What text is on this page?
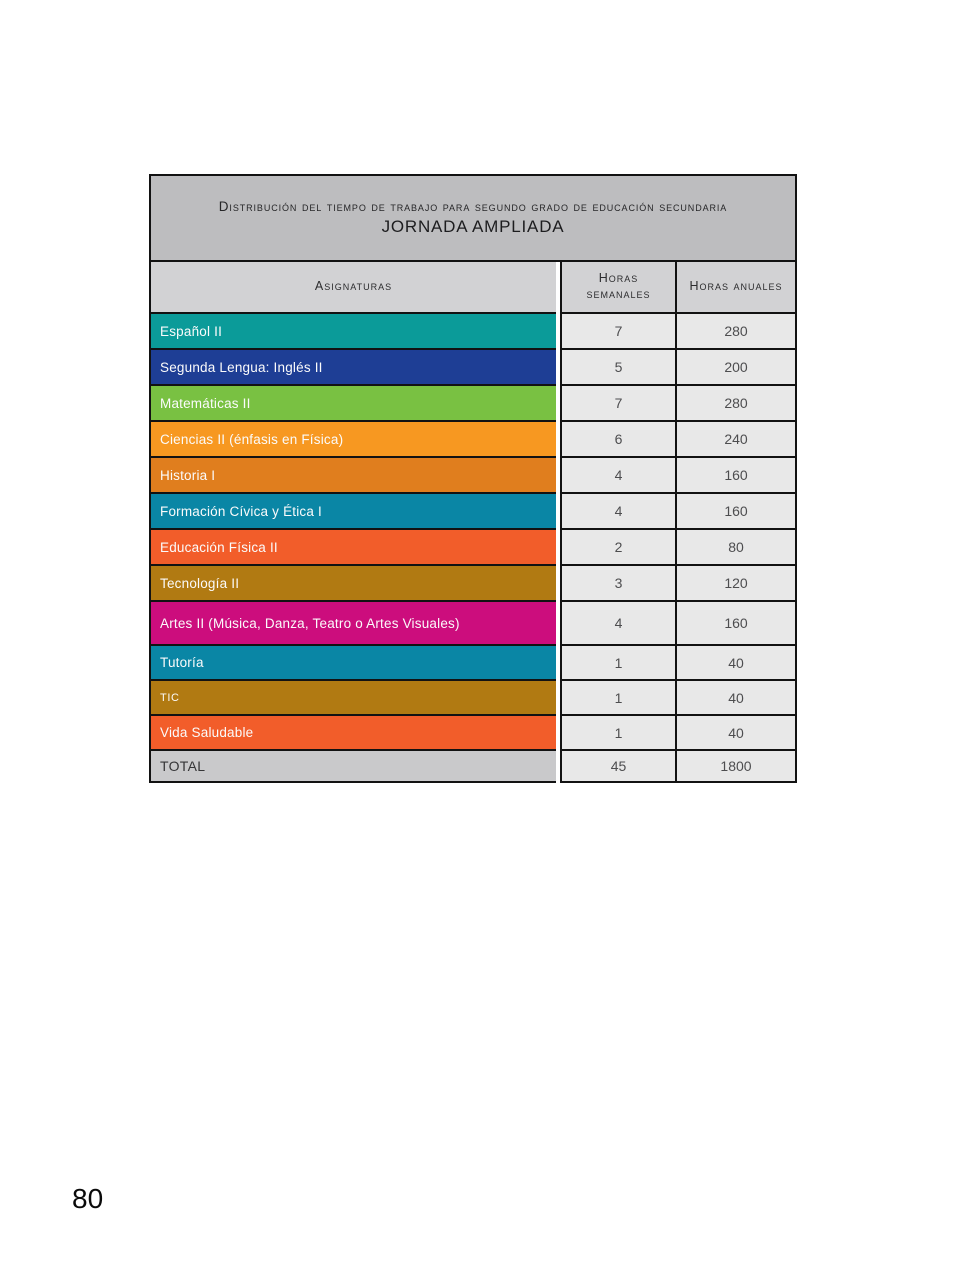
Distribución del tiempo de trabajo para segundo grado de educación secundaria
JORNADA AMPLIADA
Asignaturas
Horas
semanales
Horas anuales
Español II	7	280
Segunda Lengua: Inglés II	5	200
Matemáticas II	7	280
Ciencias II (énfasis en Física)	6	240
Historia I	4	160
Formación Cívica y Ética I	4	160
Educación Física II	2	80
Tecnología II	3	120
Artes II (Música, Danza, Teatro o Artes Visuales)	4	160
Tutoría	1	40
TIC	1	40
Vida Saludable	1	40
TOTAL	45	1800
80
